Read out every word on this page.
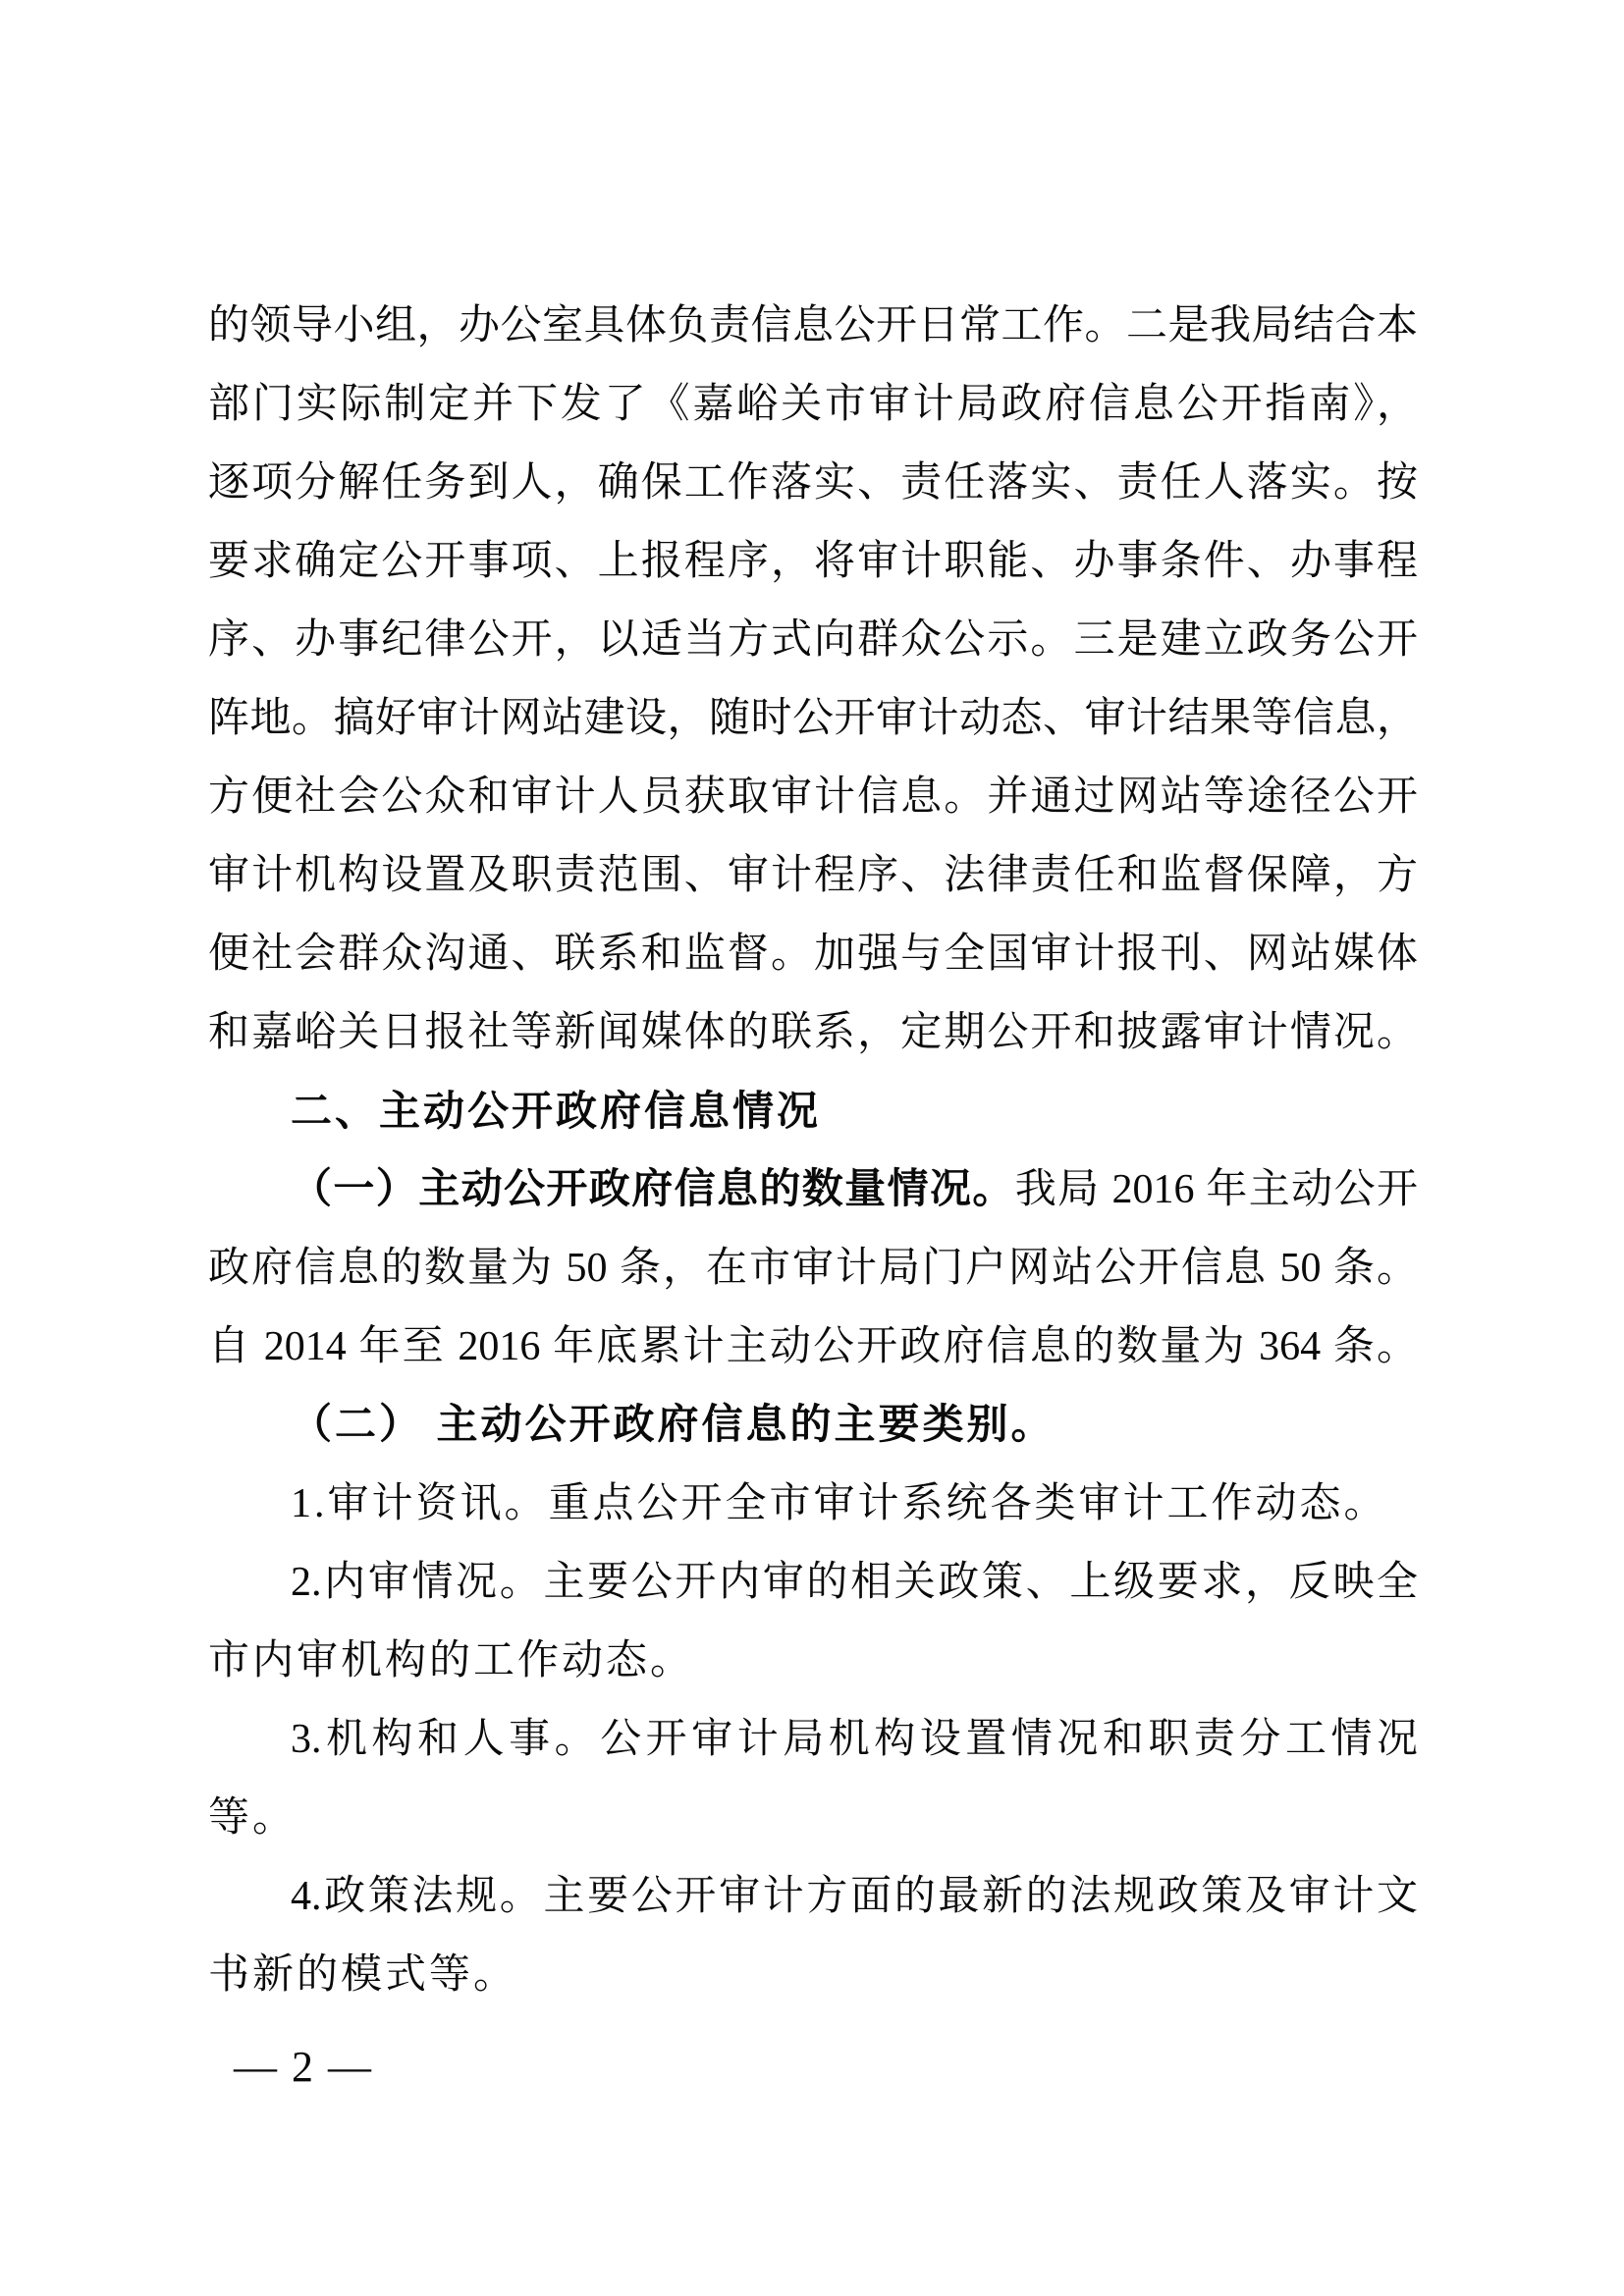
的领导小组，办公室具体负责信息公开日常工作。二是我局结合本
部门实际制定并下发了《嘉峪关市审计局政府信息公开指南》，
逐项分解任务到人，确保工作落实、责任落实、责任人落实。按
要求确定公开事项、上报程序，将审计职能、办事条件、办事程
序、办事纪律公开，以适当方式向群众公示。三是建立政务公开
阵地。搞好审计网站建设，随时公开审计动态、审计结果等信息，
方便社会公众和审计人员获取审计信息。并通过网站等途径公开
审计机构设置及职责范围、审计程序、法律责任和监督保障，方
便社会群众沟通、联系和监督。加强与全国审计报刊、网站媒体
和嘉峪关日报社等新闻媒体的联系，定期公开和披露审计情况。
二、主动公开政府信息情况
（一）主动公开政府信息的数量情况。我局 2016 年主动公开
政府信息的数量为 50 条，在市审计局门户网站公开信息 50 条。
自 2014 年至 2016 年底累计主动公开政府信息的数量为 364 条。
（二） 主动公开政府信息的主要类别。
1.审计资讯。重点公开全市审计系统各类审计工作动态。
2.内审情况。主要公开内审的相关政策、上级要求，反映全
市内审机构的工作动态。
3.机构和人事。公开审计局机构设置情况和职责分工情况
等。
4.政策法规。主要公开审计方面的最新的法规政策及审计文
书新的模式等。
— 2 —
